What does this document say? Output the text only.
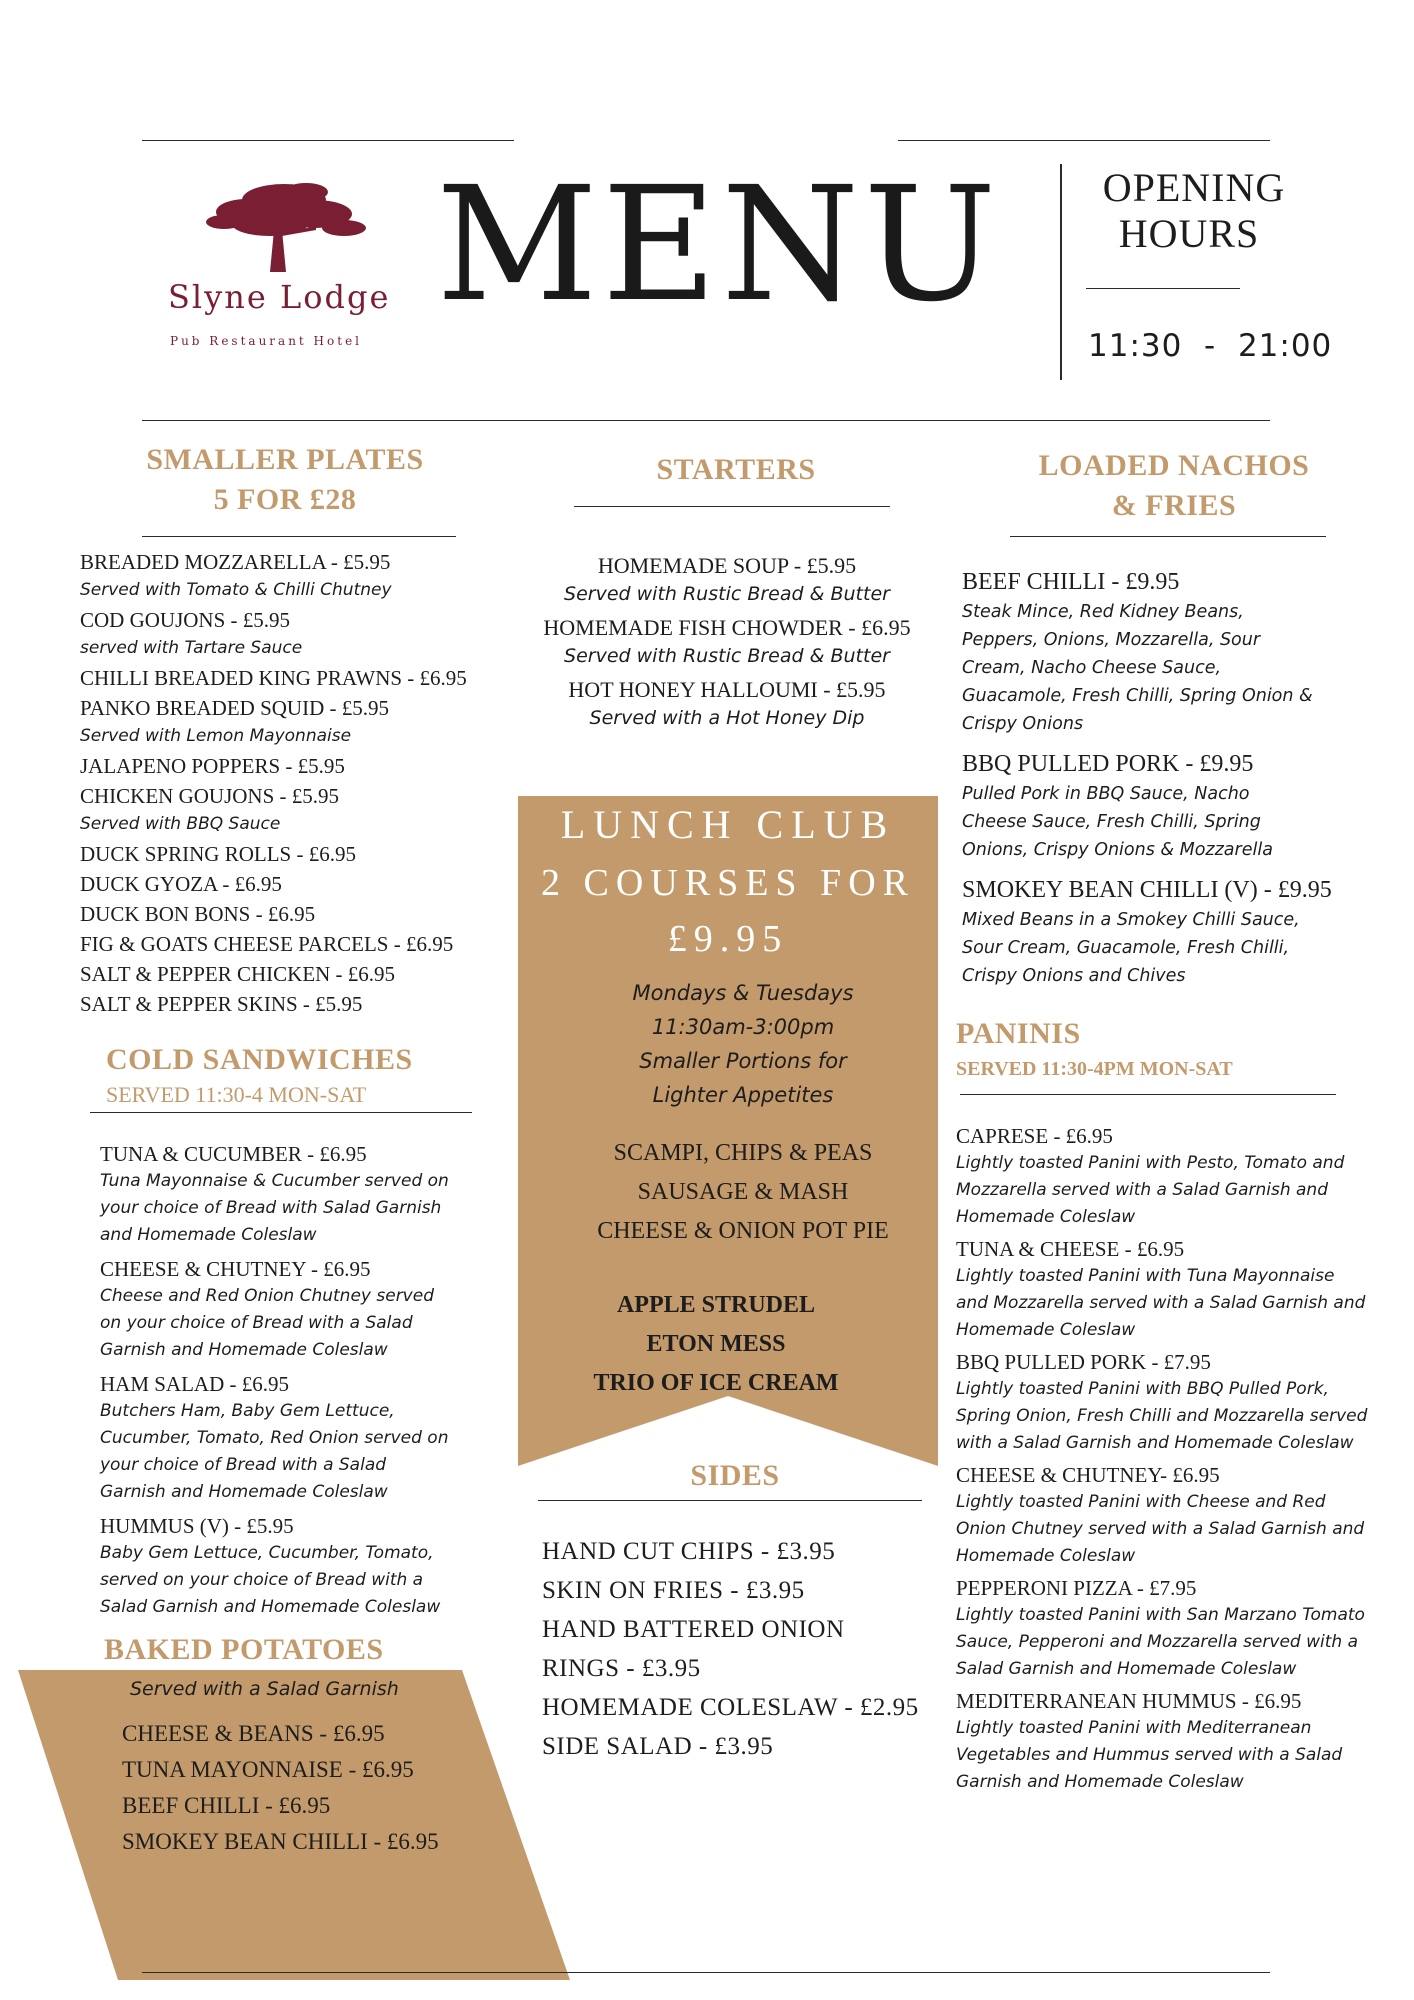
Slyne Lodge
Pub Restaurant Hotel
MENU	OPENING
HOURS
11:30  -  21:00
SMALLER PLATES
5 FOR £28
BREADED MOZZARELLA - £5.95
Served with Tomato & Chilli Chutney
COD GOUJONS - £5.95
served with Tartare Sauce
CHILLI BREADED KING PRAWNS - £6.95
PANKO BREADED SQUID - £5.95
Served with Lemon Mayonnaise
JALAPENO POPPERS - £5.95
CHICKEN GOUJONS - £5.95
Served with BBQ Sauce
DUCK SPRING ROLLS - £6.95
DUCK GYOZA - £6.95
DUCK BON BONS - £6.95
FIG & GOATS CHEESE PARCELS - £6.95
SALT & PEPPER CHICKEN - £6.95
SALT & PEPPER SKINS - £5.95
COLD SANDWICHES
SERVED 11:30-4 MON-SAT
TUNA & CUCUMBER - £6.95
Tuna Mayonnaise & Cucumber served on
your choice of Bread with Salad Garnish
and Homemade Coleslaw
CHEESE & CHUTNEY - £6.95
Cheese and Red Onion Chutney served
on your choice of Bread with a Salad
Garnish and Homemade Coleslaw
HAM SALAD - £6.95
Butchers Ham, Baby Gem Lettuce,
Cucumber, Tomato, Red Onion served on
your choice of Bread with a Salad
Garnish and Homemade Coleslaw
HUMMUS (V) - £5.95
Baby Gem Lettuce, Cucumber, Tomato,
served on your choice of Bread with a
Salad Garnish and Homemade Coleslaw
BAKED POTATOES
Served with a Salad Garnish
CHEESE & BEANS - £6.95
TUNA MAYONNAISE - £6.95
BEEF CHILLI - £6.95
SMOKEY BEAN CHILLI - £6.95
STARTERS
HOMEMADE SOUP - £5.95
Served with Rustic Bread & Butter
HOMEMADE FISH CHOWDER - £6.95
Served with Rustic Bread & Butter
HOT HONEY HALLOUMI - £5.95
Served with a Hot Honey Dip
LUNCH CLUB
2 COURSES FOR
£9.95
Mondays & Tuesdays
11:30am-3:00pm
Smaller Portions for
Lighter Appetites
SCAMPI, CHIPS & PEAS
SAUSAGE & MASH
CHEESE & ONION POT PIE
APPLE STRUDEL
ETON MESS
TRIO OF ICE CREAM
SIDES
HAND CUT CHIPS - £3.95
SKIN ON FRIES - £3.95
HAND BATTERED ONION
RINGS - £3.95
HOMEMADE COLESLAW - £2.95
SIDE SALAD - £3.95
LOADED NACHOS
& FRIES
BEEF CHILLI - £9.95
Steak Mince, Red Kidney Beans,
Peppers, Onions, Mozzarella, Sour
Cream, Nacho Cheese Sauce,
Guacamole, Fresh Chilli, Spring Onion &
Crispy Onions
BBQ PULLED PORK - £9.95
Pulled Pork in BBQ Sauce, Nacho
Cheese Sauce, Fresh Chilli, Spring
Onions, Crispy Onions & Mozzarella
SMOKEY BEAN CHILLI (V) - £9.95
Mixed Beans in a Smokey Chilli Sauce,
Sour Cream, Guacamole, Fresh Chilli,
Crispy Onions and Chives
PANINIS
SERVED 11:30-4PM MON-SAT
CAPRESE - £6.95
Lightly toasted Panini with Pesto, Tomato and
Mozzarella served with a Salad Garnish and
Homemade Coleslaw
TUNA & CHEESE - £6.95
Lightly toasted Panini with Tuna Mayonnaise
and Mozzarella served with a Salad Garnish and
Homemade Coleslaw
BBQ PULLED PORK - £7.95
Lightly toasted Panini with BBQ Pulled Pork,
Spring Onion, Fresh Chilli and Mozzarella served
with a Salad Garnish and Homemade Coleslaw
CHEESE & CHUTNEY- £6.95
Lightly toasted Panini with Cheese and Red
Onion Chutney served with a Salad Garnish and
Homemade Coleslaw
PEPPERONI PIZZA - £7.95
Lightly toasted Panini with San Marzano Tomato
Sauce, Pepperoni and Mozzarella served with a
Salad Garnish and Homemade Coleslaw
MEDITERRANEAN HUMMUS - £6.95
Lightly toasted Panini with Mediterranean
Vegetables and Hummus served with a Salad
Garnish and Homemade Coleslaw
